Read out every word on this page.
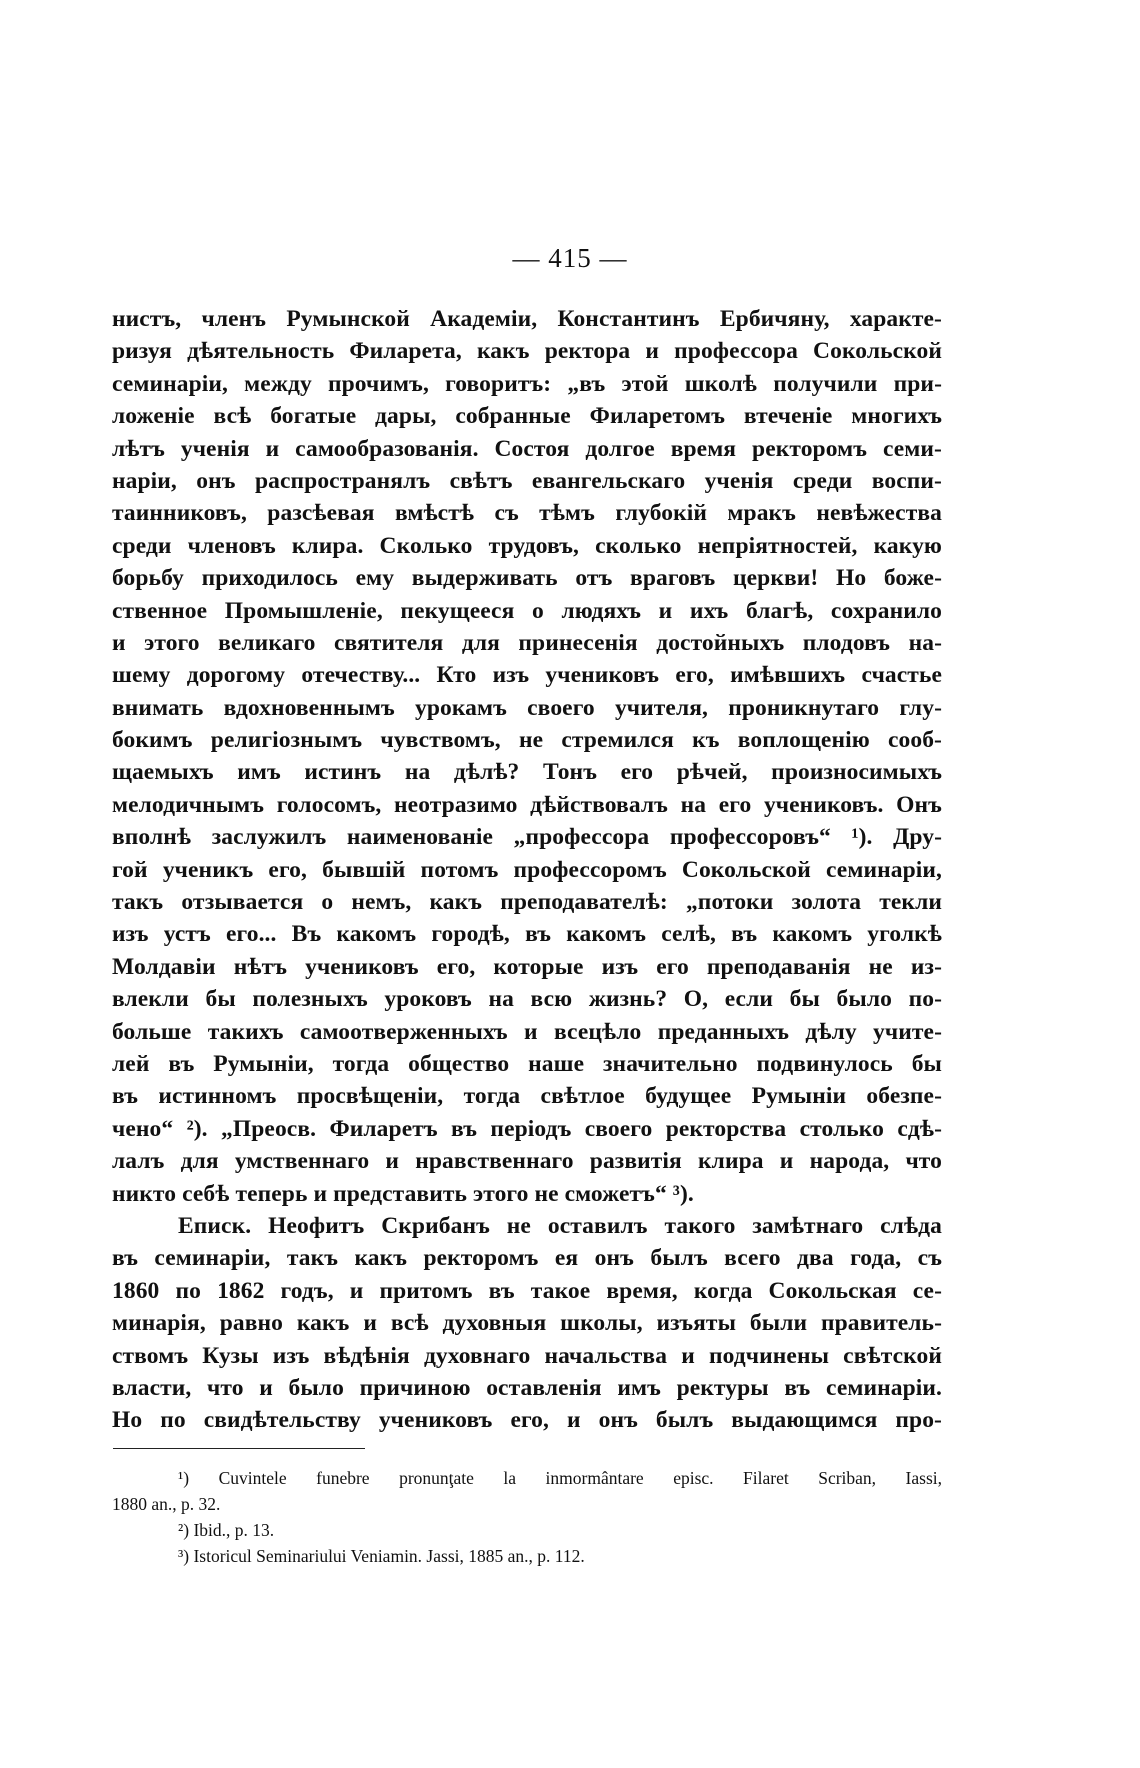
— 415 —
нистъ, членъ Румынской Академіи, Константинъ Ербичяну, характе-
ризуя дѣятельность Филарета, какъ ректора и профессора Сокольской
семинаріи, между прочимъ, говоритъ: „въ этой школѣ получили при-
ложеніе всѣ богатые дары, собранные Филаретомъ втеченіе многихъ
лѣтъ ученія и самообразованія. Состоя долгое время ректоромъ семи-
наріи, онъ распространялъ свѣтъ евангельскаго ученія среди воспи-
таинниковъ, разсѣевая вмѣстѣ съ тѣмъ глубокій мракъ невѣжества
среди членовъ клира. Сколько трудовъ, сколько непріятностей, какую
борьбу приходилось ему выдерживать отъ враговъ церкви! Но боже-
ственное Промышленіе, пекущееся о людяхъ и ихъ благѣ, сохранило
и этого великаго святителя для принесенія достойныхъ плодовъ на-
шему дорогому отечеству... Кто изъ учениковъ его, имѣвшихъ счастье
внимать вдохновеннымъ урокамъ своего учителя, проникнутаго глу-
бокимъ религіознымъ чувствомъ, не стремился къ воплощенію сооб-
щаемыхъ имъ истинъ на дѣлѣ? Тонъ его рѣчей, произносимыхъ
мелодичнымъ голосомъ, неотразимо дѣйствовалъ на его учениковъ. Онъ
вполнѣ заслужилъ наименованіе „профессора профессоровъ“ ¹). Дру-
гой ученикъ его, бывшій потомъ профессоромъ Сокольской семинаріи,
такъ отзывается о немъ, какъ преподавателѣ: „потоки золота текли
изъ устъ его... Въ какомъ городѣ, въ какомъ селѣ, въ какомъ уголкѣ
Молдавіи нѣтъ учениковъ его, которые изъ его преподаванія не из-
влекли бы полезныхъ уроковъ на всю жизнь? О, если бы было по-
больше такихъ самоотверженныхъ и всецѣло преданныхъ дѣлу учите-
лей въ Румыніи, тогда общество наше значительно подвинулось бы
въ истинномъ просвѣщеніи, тогда свѣтлое будущее Румыніи обезпе-
чено“ ²). „Преосв. Филаретъ въ періодъ своего ректорства столько сдѣ-
лалъ для умственнаго и нравственнаго развитія клира и народа, что
никто себѣ теперь и представить этого не сможетъ“ ³).
Еписк. Неофитъ Скрибанъ не оставилъ такого замѣтнаго слѣда
въ семинаріи, такъ какъ ректоромъ ея онъ былъ всего два года, съ
1860 по 1862 годъ, и притомъ въ такое время, когда Сокольская се-
минарія, равно какъ и всѣ духовныя школы, изъяты были правитель-
ствомъ Кузы изъ вѣдѣнія духовнаго начальства и подчинены свѣтской
власти, что и было причиною оставленія имъ ректуры въ семинаріи.
Но по свидѣтельству учениковъ его, и онъ былъ выдающимся про-
¹) Cuvintele funebre pronunţate la inmormântare episc. Filaret Scriban, Iassi,
1880 an., p. 32.
²) Ibid., p. 13.
³) Istoricul Seminariului Veniamin. Jassi, 1885 an., p. 112.
